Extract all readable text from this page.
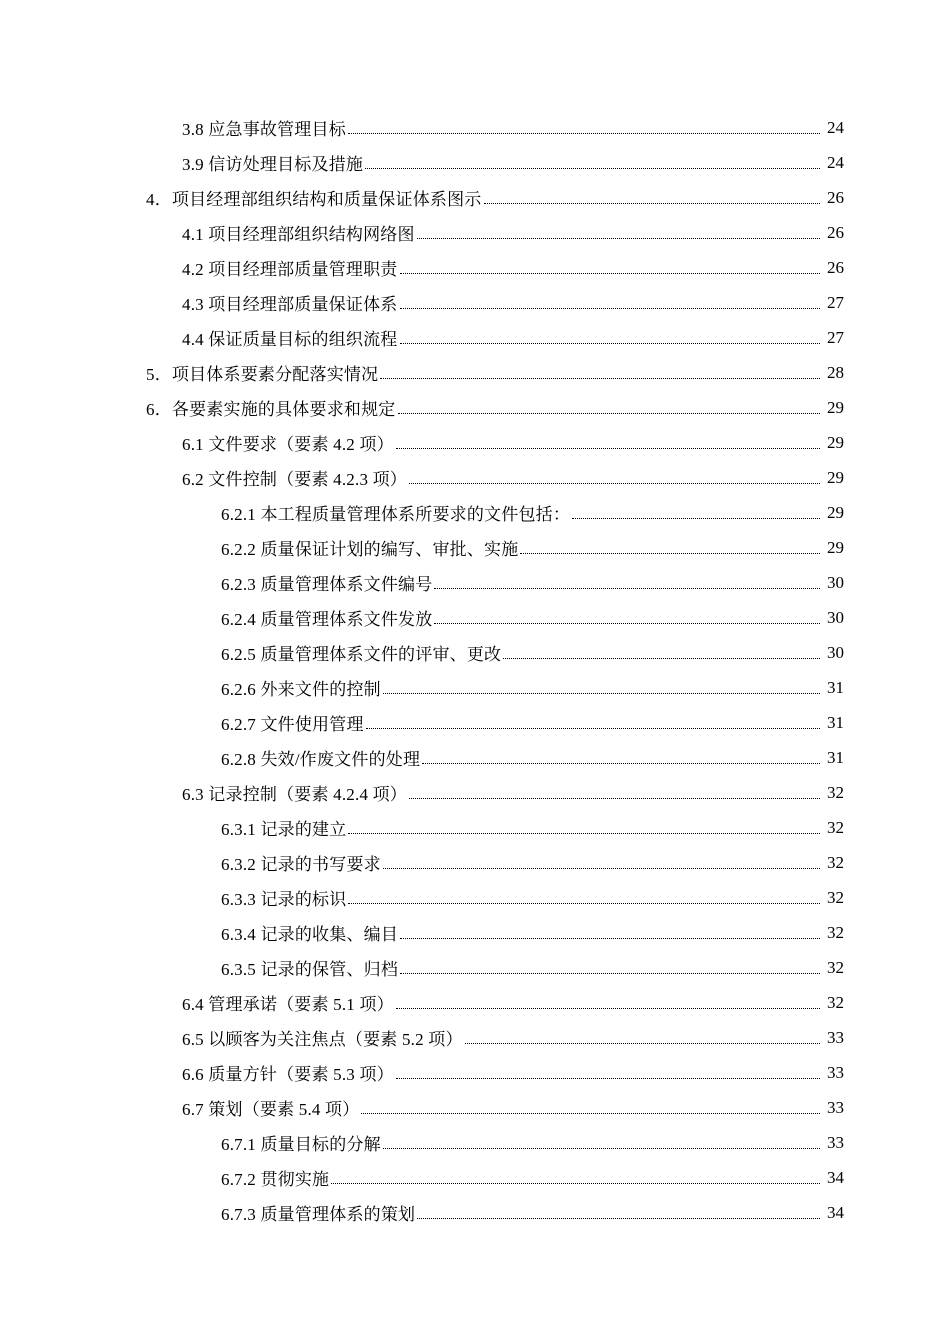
3.8 应急事故管理目标	24
3.9 信访处理目标及措施	24
4．项目经理部组织结构和质量保证体系图示	26
4.1 项目经理部组织结构网络图	26
4.2 项目经理部质量管理职责	26
4.3 项目经理部质量保证体系	27
4.4 保证质量目标的组织流程	27
5．项目体系要素分配落实情况	28
6．各要素实施的具体要求和规定	29
6.1 文件要求（要素 4.2 项）	29
6.2 文件控制（要素 4.2.3 项）	29
6.2.1 本工程质量管理体系所要求的文件包括：	29
6.2.2 质量保证计划的编写、审批、实施	29
6.2.3 质量管理体系文件编号	30
6.2.4 质量管理体系文件发放	30
6.2.5 质量管理体系文件的评审、更改	30
6.2.6 外来文件的控制	31
6.2.7 文件使用管理	31
6.2.8 失效/作废文件的处理	31
6.3 记录控制（要素 4.2.4 项）	32
6.3.1 记录的建立	32
6.3.2 记录的书写要求	32
6.3.3 记录的标识	32
6.3.4 记录的收集、编目	32
6.3.5 记录的保管、归档	32
6.4 管理承诺（要素 5.1 项）	32
6.5 以顾客为关注焦点（要素 5.2 项）	33
6.6 质量方针（要素 5.3 项）	33
6.7 策划（要素 5.4 项）	33
6.7.1 质量目标的分解	33
6.7.2 贯彻实施	34
6.7.3 质量管理体系的策划	34
